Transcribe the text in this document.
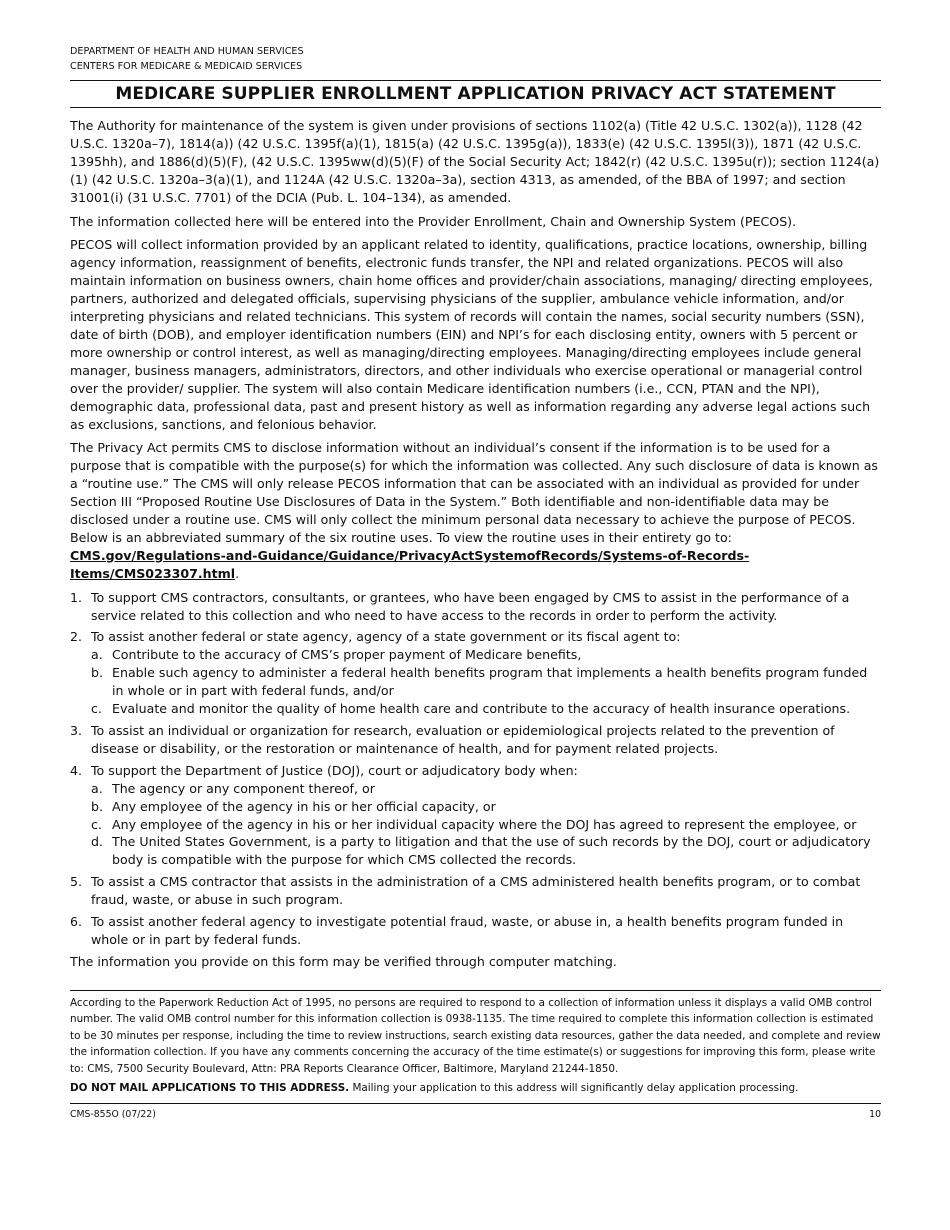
DEPARTMENT OF HEALTH AND HUMAN SERVICES
CENTERS FOR MEDICARE & MEDICAID SERVICES
MEDICARE SUPPLIER ENROLLMENT APPLICATION PRIVACY ACT STATEMENT

The Authority for maintenance of the system is given under provisions of sections 1102(a) (Title 42 U.S.C. 1302(a)), 1128 (42 U.S.C. 1320a–7), 1814(a)) (42 U.S.C. 1395f(a)(1), 1815(a) (42 U.S.C. 1395g(a)), 1833(e) (42 U.S.C. 1395l(3)), 1871 (42 U.S.C. 1395hh), and 1886(d)(5)(F), (42 U.S.C. 1395ww(d)(5)(F) of the Social Security Act; 1842(r) (42 U.S.C. 1395u(r)); section 1124(a)(1) (42 U.S.C. 1320a–3(a)(1), and 1124A (42 U.S.C. 1320a–3a), section 4313, as amended, of the BBA of 1997; and section 31001(i) (31 U.S.C. 7701) of the DCIA (Pub. L. 104–134), as amended.

The information collected here will be entered into the Provider Enrollment, Chain and Ownership System (PECOS).

PECOS will collect information provided by an applicant related to identity, qualifications, practice locations, ownership, billing agency information, reassignment of benefits, electronic funds transfer, the NPI and related organizations. PECOS will also maintain information on business owners, chain home offices and provider/chain associations, managing/ directing employees, partners, authorized and delegated officials, supervising physicians of the supplier, ambulance vehicle information, and/or interpreting physicians and related technicians. This system of records will contain the names, social security numbers (SSN), date of birth (DOB), and employer identification numbers (EIN) and NPI’s for each disclosing entity, owners with 5 percent or more ownership or control interest, as well as managing/directing employees. Managing/directing employees include general manager, business managers, administrators, directors, and other individuals who exercise operational or managerial control over the provider/ supplier. The system will also contain Medicare identification numbers (i.e., CCN, PTAN and the NPI), demographic data, professional data, past and present history as well as information regarding any adverse legal actions such as exclusions, sanctions, and felonious behavior.

The Privacy Act permits CMS to disclose information without an individual’s consent if the information is to be used for a purpose that is compatible with the purpose(s) for which the information was collected. Any such disclosure of data is known as a “routine use.” The CMS will only release PECOS information that can be associated with an individual as provided for under Section III “Proposed Routine Use Disclosures of Data in the System.” Both identifiable and non-identifiable data may be disclosed under a routine use. CMS will only collect the minimum personal data necessary to achieve the purpose of PECOS. Below is an abbreviated summary of the six routine uses. To view the routine uses in their entirety go to: CMS.gov/Regulations-and-Guidance/Guidance/PrivacyActSystemofRecords/Systems-of-Records-Items/CMS023307.html.

1. To support CMS contractors, consultants, or grantees, who have been engaged by CMS to assist in the performance of a service related to this collection and who need to have access to the records in order to perform the activity.
2. To assist another federal or state agency, agency of a state government or its fiscal agent to:
a. Contribute to the accuracy of CMS’s proper payment of Medicare benefits,
b. Enable such agency to administer a federal health benefits program that implements a health benefits program funded in whole or in part with federal funds, and/or
c. Evaluate and monitor the quality of home health care and contribute to the accuracy of health insurance operations.
3. To assist an individual or organization for research, evaluation or epidemiological projects related to the prevention of disease or disability, or the restoration or maintenance of health, and for payment related projects.
4. To support the Department of Justice (DOJ), court or adjudicatory body when:
a. The agency or any component thereof, or
b. Any employee of the agency in his or her official capacity, or
c. Any employee of the agency in his or her individual capacity where the DOJ has agreed to represent the employee, or
d. The United States Government, is a party to litigation and that the use of such records by the DOJ, court or adjudicatory body is compatible with the purpose for which CMS collected the records.
5. To assist a CMS contractor that assists in the administration of a CMS administered health benefits program, or to combat fraud, waste, or abuse in such program.
6. To assist another federal agency to investigate potential fraud, waste, or abuse in, a health benefits program funded in whole or in part by federal funds.

The information you provide on this form may be verified through computer matching.

According to the Paperwork Reduction Act of 1995, no persons are required to respond to a collection of information unless it displays a valid OMB control number. The valid OMB control number for this information collection is 0938-1135. The time required to complete this information collection is estimated to be 30 minutes per response, including the time to review instructions, search existing data resources, gather the data needed, and complete and review the information collection. If you have any comments concerning the accuracy of the time estimate(s) or suggestions for improving this form, please write to: CMS, 7500 Security Boulevard, Attn: PRA Reports Clearance Officer, Baltimore, Maryland 21244-1850.

DO NOT MAIL APPLICATIONS TO THIS ADDRESS. Mailing your application to this address will significantly delay application processing.

CMS-855O (07/22)	10
